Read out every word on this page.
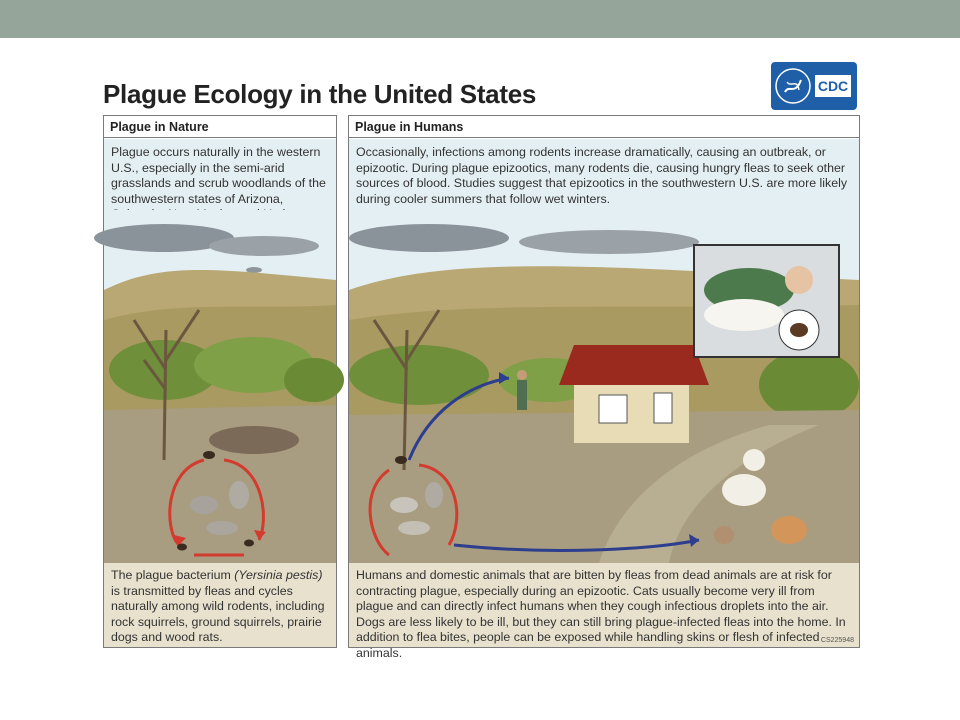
Plague Ecology in the United States	CDC
Plague in Nature
Plague occurs naturally in the western U.S., especially in the semi-arid grasslands and scrub woodlands of the southwestern states of Arizona,
The plague bacterium (Yersinia pestis) is transmitted by fleas and cycles naturally among wild rodents, including rock squirrels, ground squirrels, prairie dogs and wood rats.
Plague in Humans
Occasionally, infections among rodents increase dramatically, causing an outbreak, or epizootic. During plague epizootics, many rodents die, causing hungry fleas to seek other sources of blood. Studies suggest that epizootics in the southwestern U.S. are more likely during cooler summers that follow wet winters.
Humans and domestic animals that are bitten by fleas from dead animals are at risk for contracting plague, especially during an epizootic. Cats usually become very ill from plague and can directly infect humans when they cough infectious droplets into the air. Dogs are less likely to be ill, but they can still bring plague-infected fleas into the home. In addition to flea bites, people can be exposed while handling skins or flesh of infected animals.
CS225948
